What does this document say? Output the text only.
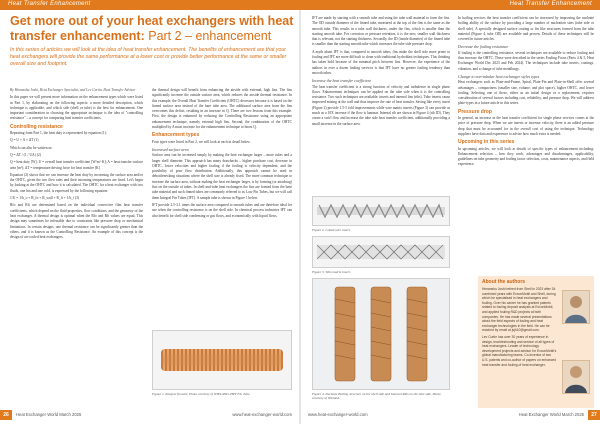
Heat Transfer Enhancement	Heat Transfer Enhancement
Get more out of your heat exchangers with heat transfer enhancement: Part 2 – enhancement
In this series of articles we will look at the idea of heat transfer enhancement. The benefits of enhancement are that your heat exchangers will provide the same performance at a lower cost or provide better performance at the same or smaller overall size and footprint.

By Himanshu Joshi, Heat Exchanger Specialist, and Lev Curtin, Heat Transfer Advisor

In this paper we will present more information on the enhancement types which were listed in Part 1, by elaborating on the following aspects: a more detailed description, which technique is applicable, and which side (shell or tube) is the best for enhancement. One important consideration in choosing the appropriate technique is the idea of "controlling resistance" – a concept for comparing heat transfer coefficients.

Controlling resistance

Repeating from Part 1, the heat duty is represented by equation (1):

Q = U × A × ΔT (1)

Which can also be written as:

Q = ΔT / (1 / UA) (2)

Q = heat duty [W]; U = overall heat transfer coefficient [W/m²·K]; A = heat transfer surface area [m²]; ΔT = temperature driving force for heat transfer [K]

Equation (2) shows that we can increase the heat duty by increasing the surface area and/or the OHTC, given the two flow rates and their incoming temperatures are fixed. Let's begin by looking at the OHTC and how it is calculated. The OHTC for a heat exchanger with two fluids, one hot and one cold, is expressed by the following equation:

1/U = 1/h_o + R_fo + R_wall + R_fi + 1/h_i (3)

Rfo and Rfi are determined based on the individual convective film heat transfer coefficients, which depend on the fluid properties, flow conditions, and the geometry of the heat exchanger. A thermal design is optimal when the Rfo and Rfi values are equal. This design may sometimes be infeasible due to constraints like pressure drop or mechanical limitations. In certain designs, one thermal resistance can be significantly greater than the others, and it is known as the Controlling Resistance. An example of this concept is the design of air-cooled heat exchangers.

the thermal design will benefit from enhancing the airside with external, high fins. The fins significantly increase the outside surface area, which reduces the airside thermal resistance. In this example, the Overall Heat Transfer Coefficient (OHTC) decreases because it is based on the finned surface area instead of the bare tube area. The additional surface area from the fins overcomes this deficit, resulting in an increase in Q. There are two lessons from this example. First, the design is enhanced by reducing the Controlling Resistance using an appropriate enhancement technique, namely external high fins. Second, the combination of the OHTC multiplied by A must increase for the enhancement technique to boost Q.

Enhancement types

Four types were listed in Part 2, we will look at each in detail below.

Increased surface area

Surface area can be increased simply by making the heat exchanger larger – more tubes and a larger shell diameter. This approach has many drawbacks – higher purchase cost, decrease in OHTC, lower velocities and higher fouling if the fouling is velocity dependent, and the possibility of poor flow distribution. Additionally, this approach cannot be used in debottlenecking situations where the shell size is already fixed. The more common technique to increase the surface area, without making the heat exchanger larger, is by forming (or attaching) fins on the outside of tubes. In shell-and-tube heat exchangers the fins are formed from the base tube material and such finned tubes are commonly referred to as Low Fin Tubes, but we will call them Integral Fin Tubes (IFT). A sample tube is shown in Figure 1 below.

IFT provide 2.5-3.1 times the surface area compared to smooth tubes and are therefore ideal for use when the controlling resistance is on the shell side. In chemical process industries IFT can also benefit for shell side condensing or gas flows, and economically with liquid flows.

Figure 1. Integral fin tube. Photo courtesy of WIELAND–HPT Fin Tube.

IFT are made by starting with a smooth tube and using the tube wall material to form the fins. The OD outside diameter of the finned tube, measured at the top of the fins is the same as the smooth tube. This results in a tube wall thickness, under the fins, which is smaller than the starting smooth tube. For corrosion or pressure retention, it is the new, smaller wall thickness that is relevant, not the starting thickness. Secondly, the ID (inside diameter) of the finned tube is smaller than the starting smooth tube which increases the tube side pressure drop.

A myth about IFT is that, compared to smooth tubes, fins make the shell side more prone to fouling and IFT are more difficult to clean with traditional hydroblast techniques. This thinking has taken hold because of the minimal pitch between fins. However, the experience of the authors in over a dozen fouling services is that IFT have no greater fouling tendency than smooth tubes.

Increase the heat transfer coefficient

The heat transfer coefficient is a strong function of velocity and turbulence in single phase flows. Enhancement techniques can be applied on the tube side when it is the controlling resistance. Two such techniques are available: inserts and internal fins (ribs). Tube inserts cause improved mixing at the wall and thus improve the rate of heat transfer. Saving like every insert (Figure 2) provide 1.5-5 fold improvements while wire matrix inserts (Figure 3) can provide as much as a 10X increase if the flow is laminar. Internal rib are shown in Figure 4 (rib ID). They create a swirl flow and increase the tube side heat transfer coefficient, additionally providing a small increase in the surface area.

Figure 2. Coiled wire insert.
Figure 3. Wire matrix insert.
Figure 4. Nucleate Boiling structure on the shell side and Internal Ribs on the tube side. Photo courtesy of Wieland.

In boiling services the heat transfer coefficient can be increased by improving the nucleate boiling ability of the surface by providing a large number of nucleation sites (tube side or shell side). A specially designed surface coating or fin like structures formed from the tube material (Figure 4, tube OD) are available and proven. Details of these techniques will be covered in future articles.

Decrease the fouling resistance

If fouling is the controlling resistance, several techniques are available to reduce fouling and thus increase the OHTC. These were described in the series Fouling Focus (Parts 4 & 5, Heat Exchanger World Dec 2023 and Feb 2024). The techniques include tube inserts, coatings, vibration, and a change of tube metallurgy.

Change to non-tubular heat exchanger styles types

Heat exchangers such as Plate-and-Frame, Spiral, Plate-Fin and Plate-in-Shell offer several advantages – compactness (smaller size, volume, and plot space), higher OHTC, and lower fouling. Selecting one of these, either as an initial design or a replacement, requires consideration of several factors including cost, reliability, and pressure drop. We will address plate-types in a future article in this series.

Pressure drop

In general, an increase in the heat transfer coefficient for single phase services comes at the price of pressure drop. When we use inserts or increase velocity, there is an added pressure drop that must be accounted for in the overall cost of using the technique. Technology suppliers have data and experience to advise how much extra is needed.

Upcoming in this series

In upcoming articles, we will look at details of specific types of enhancement including: Enhancement selection – how they work, advantages and disadvantages, applicability, guidelines on tube geometry and fouling factor selection, costs, maintenance aspects, and field experience.

About the authors

Himanshu Joshi retired from Shell in 2023 after 34 combined years with ExxonMobil and Shell, during which he specialised in heat exchangers and fouling. Over his career he has granted patents related to fouling deposit analysis at ExxonMobil, and applied fouling R&D projects at both companies. He has made several presentations about the field aspects of fouling and heat exchanger technologies in the field. He can be reached by email at jsjh10@gmail.com.

Lev Curtin has over 30 years of experience in design, troubleshooting and service of all types of heat exchangers. Leader of technology development projects and advisor for ExxonMobil's global manufacturing teams. Co-inventor of two U.S. patents and co-author of papers on enhanced heat transfer and fouling of heat exchanger.

26	Heat Exchanger World March 2025	www.heat-exchanger-world.com	www.heat-exchanger-world.com	Heat Exchanger World March 2025	27
